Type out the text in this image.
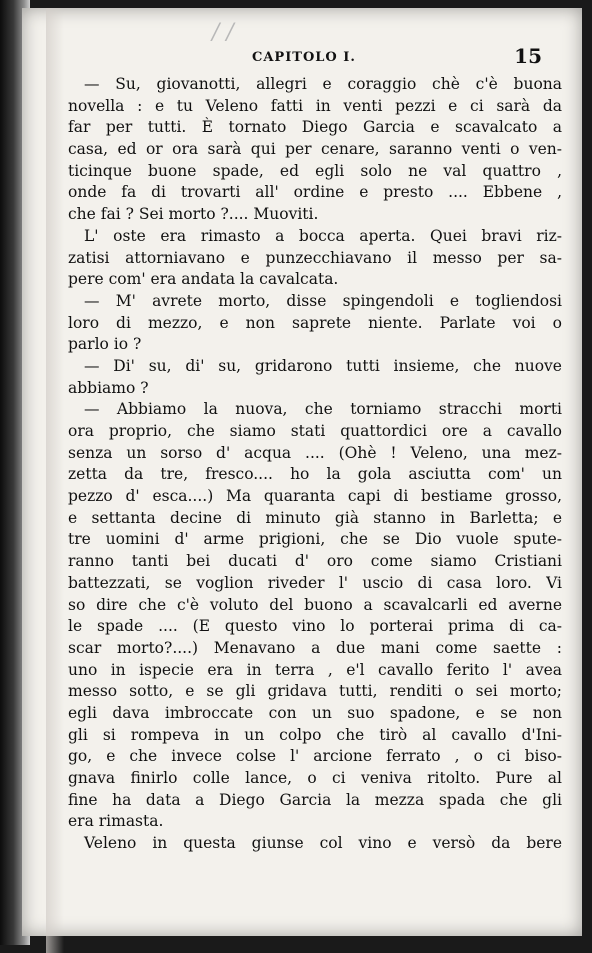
/ /
CAPITOLO I.	15
— Su, giovanotti, allegri e coraggio chè c'è buona
novella : e tu Veleno fatti in venti pezzi e ci sarà da
far per tutti. È tornato Diego Garcia e scavalcato a
casa, ed or ora sarà qui per cenare, saranno venti o ven-
ticinque buone spade, ed egli solo ne val quattro ,
onde fa di trovarti all' ordine e presto .... Ebbene ,
che fai ? Sei morto ?.... Muoviti.
L' oste era rimasto a bocca aperta. Quei bravi riz-
zatisi attorniavano e punzecchiavano il messo per sa-
pere com' era andata la cavalcata.
— M' avrete morto, disse spingendoli e togliendosi
loro di mezzo, e non saprete niente. Parlate voi o
parlo io ?
— Di' su, di' su, gridarono tutti insieme, che nuove
abbiamo ?
— Abbiamo la nuova, che torniamo stracchi morti
ora proprio, che siamo stati quattordici ore a cavallo
senza un sorso d' acqua .... (Ohè ! Veleno, una mez-
zetta da tre, fresco.... ho la gola asciutta com' un
pezzo d' esca....) Ma quaranta capi di bestiame grosso,
e settanta decine di minuto già stanno in Barletta; e
tre uomini d' arme prigioni, che se Dio vuole spute-
ranno tanti bei ducati d' oro come siamo Cristiani
battezzati, se voglion riveder l' uscio di casa loro. Vi
so dire che c'è voluto del buono a scavalcarli ed averne
le spade .... (E questo vino lo porterai prima di ca-
scar morto?....) Menavano a due mani come saette :
uno in ispecie era in terra , e'l cavallo ferito l' avea
messo sotto, e se gli gridava tutti, renditi o sei morto;
egli dava imbroccate con un suo spadone, e se non
gli si rompeva in un colpo che tirò al cavallo d'Ini-
go, e che invece colse l' arcione ferrato , o ci biso-
gnava finirlo colle lance, o ci veniva ritolto. Pure al
fine ha data a Diego Garcia la mezza spada che gli
era rimasta.
Veleno in questa giunse col vino e versò da bere
